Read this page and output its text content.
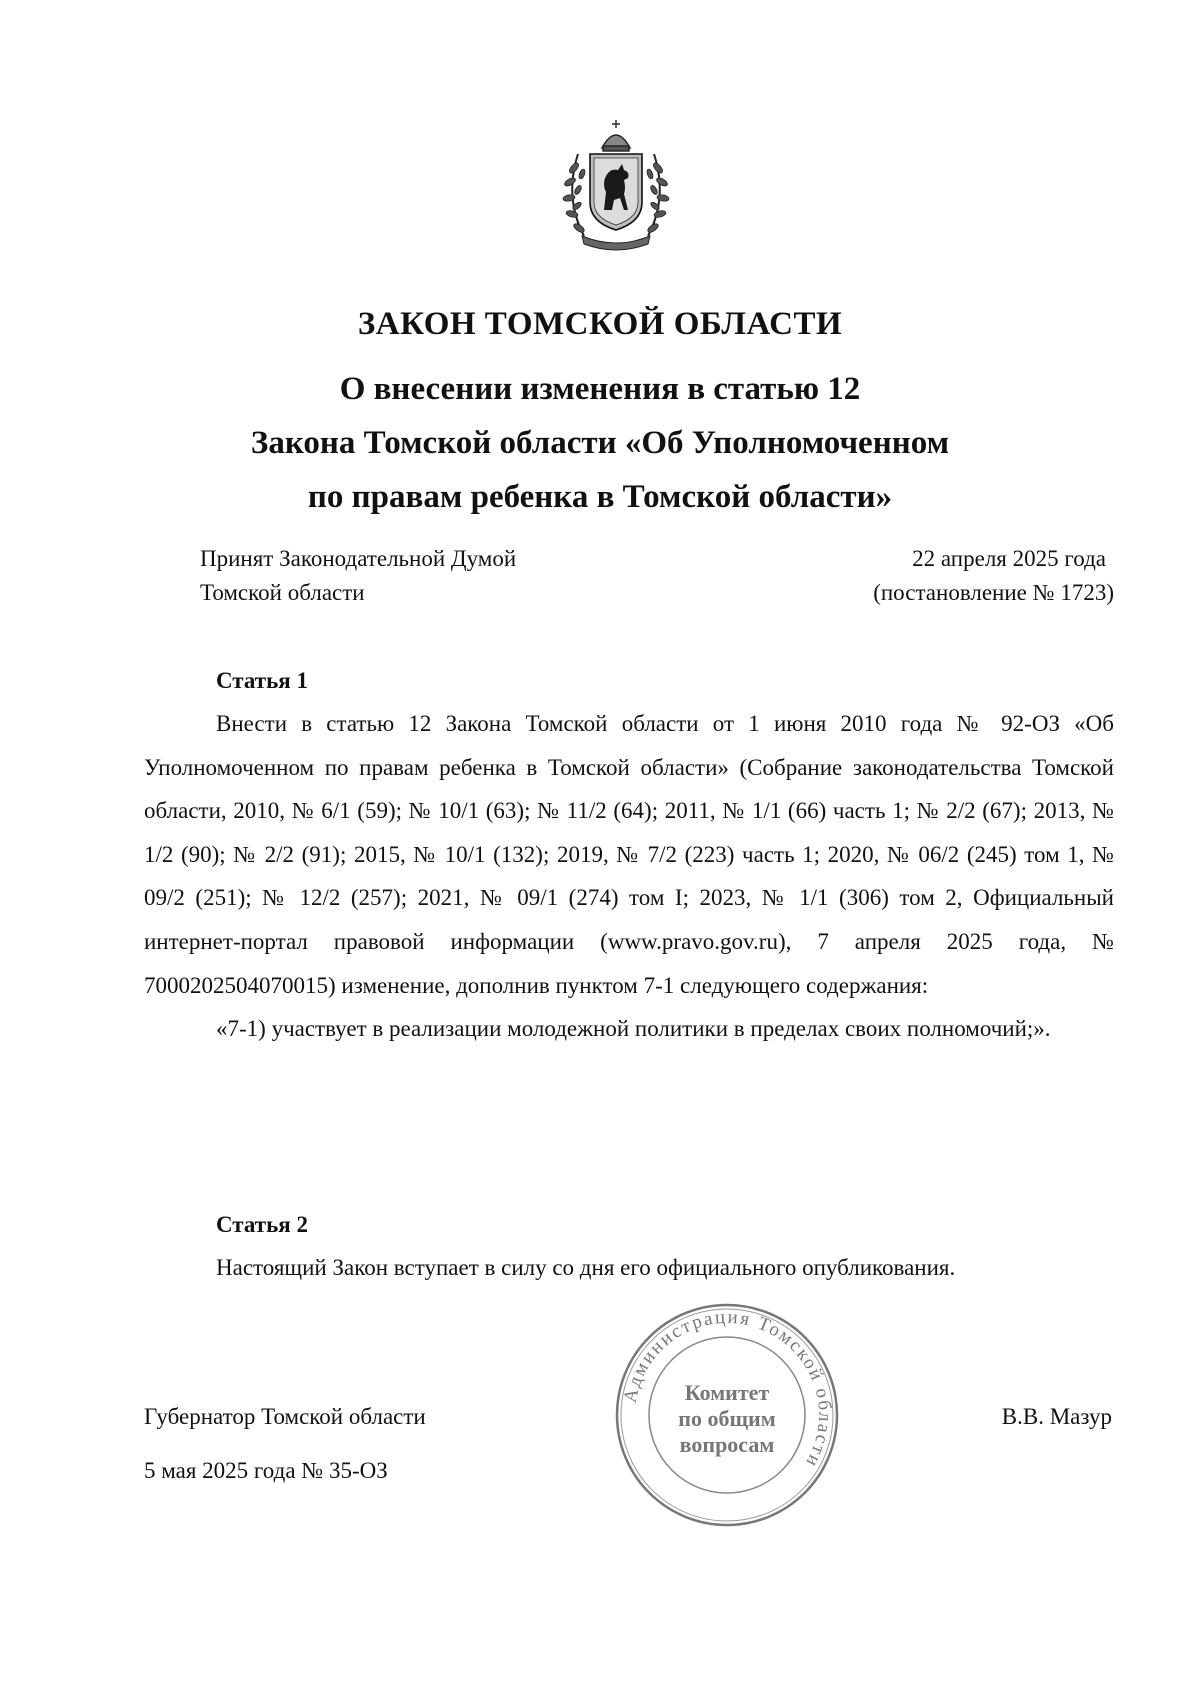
ЗАКОН ТОМСКОЙ ОБЛАСТИ
О внесении изменения в статью 12
Закона Томской области «Об Уполномоченном
по правам ребенка в Томской области»
Принят Законодательной Думой
Томской области
22 апреля 2025 года
(постановление № 1723)
Статья 1

Внести в статью 12 Закона Томской области от 1 июня 2010 года № 92-ОЗ «Об Уполномоченном по правам ребенка в Томской области» (Собрание законодательства Томской области, 2010, № 6/1 (59); № 10/1 (63); № 11/2 (64); 2011, № 1/1 (66) часть 1; № 2/2 (67); 2013, № 1/2 (90); № 2/2 (91); 2015, № 10/1 (132); 2019, № 7/2 (223) часть 1; 2020, № 06/2 (245) том 1, № 09/2 (251); № 12/2 (257); 2021, № 09/1 (274) том I; 2023, № 1/1 (306) том 2, Официальный интернет-портал правовой информации (www.pravo.gov.ru), 7 апреля 2025 года, № 7000202504070015) изменение, дополнив пунктом 7-1 следующего содержания:

«7-1) участвует в реализации молодежной политики в пределах своих полномочий;».

Статья 2

Настоящий Закон вступает в силу со дня его официального опубликования.

Губернатор Томской области
5 мая 2025 года № 35-ОЗ
В.В. Мазур
Администрация Томской области
Комитет
по общим
вопросам
